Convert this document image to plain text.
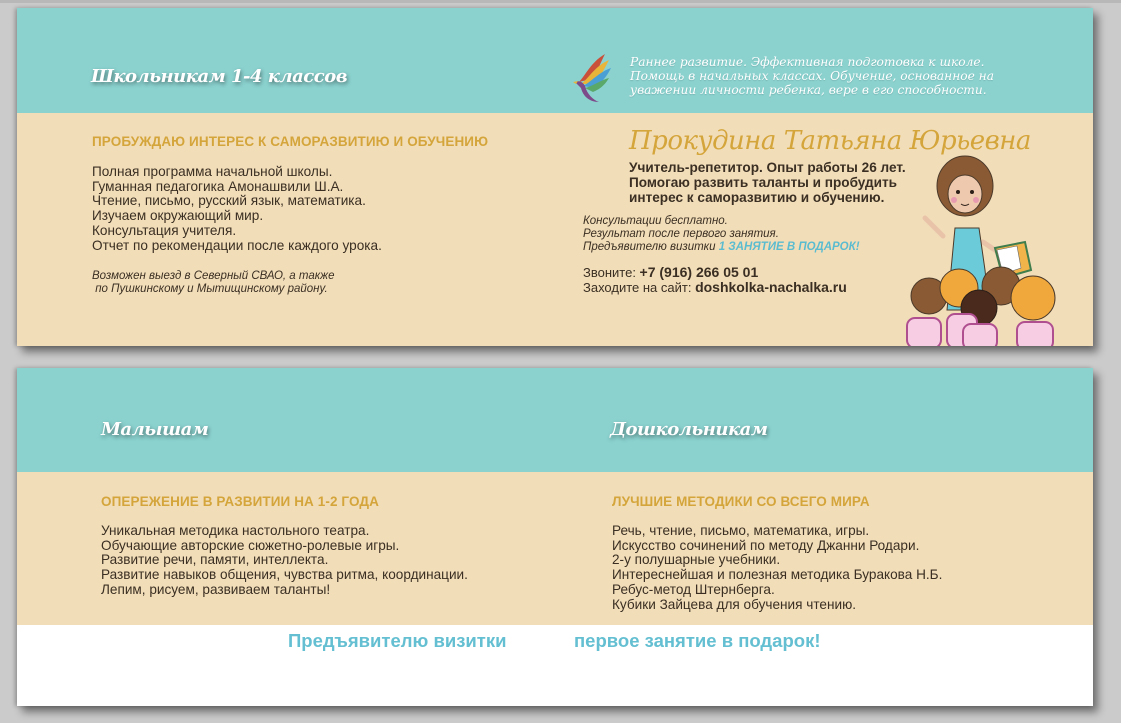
Школьникам 1-4 классов
Раннее развитие. Эффективная подготовка к школе.
Помощь в начальных классах. Обучение, основанное на
уважении личности ребенка, вере в его способности.
ПРОБУЖДАЮ ИНТЕРЕС К САМОРАЗВИТИЮ И ОБУЧЕНИЮ
Полная программа начальной школы.
Гуманная педагогика Амонашвили Ш.А.
Чтение, письмо, русский язык, математика.
Изучаем окружающий мир.
Консультация учителя.
Отчет по рекомендации после каждого урока.
Возможен выезд в Северный СВАО, а также
по Пушкинскому и Мытищинскому району.
Прокудина Татьяна Юрьевна
Учитель-репетитор. Опыт работы 26 лет.
Помогаю развить таланты и пробудить
интерес к саморазвитию и обучению.
Консультации бесплатно.
Результат после первого занятия.
Предъявителю визитки 1 ЗАНЯТИЕ В ПОДАРОК!
Звоните: +7 (916) 266 05 01
Заходите на сайт: doshkolka-nachalka.ru
Малышам	Дошкольникам
ОПЕРЕЖЕНИЕ В РАЗВИТИИ НА 1-2 ГОДА
Уникальная методика настольного театра.
Обучающие авторские сюжетно-ролевые игры.
Развитие речи, памяти, интеллекта.
Развитие навыков общения, чувства ритма, координации.
Лепим, рисуем, развиваем таланты!
ЛУЧШИЕ МЕТОДИКИ СО ВСЕГО МИРА
Речь, чтение, письмо, математика, игры.
Искусство сочинений по методу Джанни Родари.
2-у полушарные учебники.
Интереснейшая и полезная методика Буракова Н.Б.
Ребус-метод Штернберга.
Кубики Зайцева для обучения чтению.
Предъявителю визитки	первое занятие в подарок!
